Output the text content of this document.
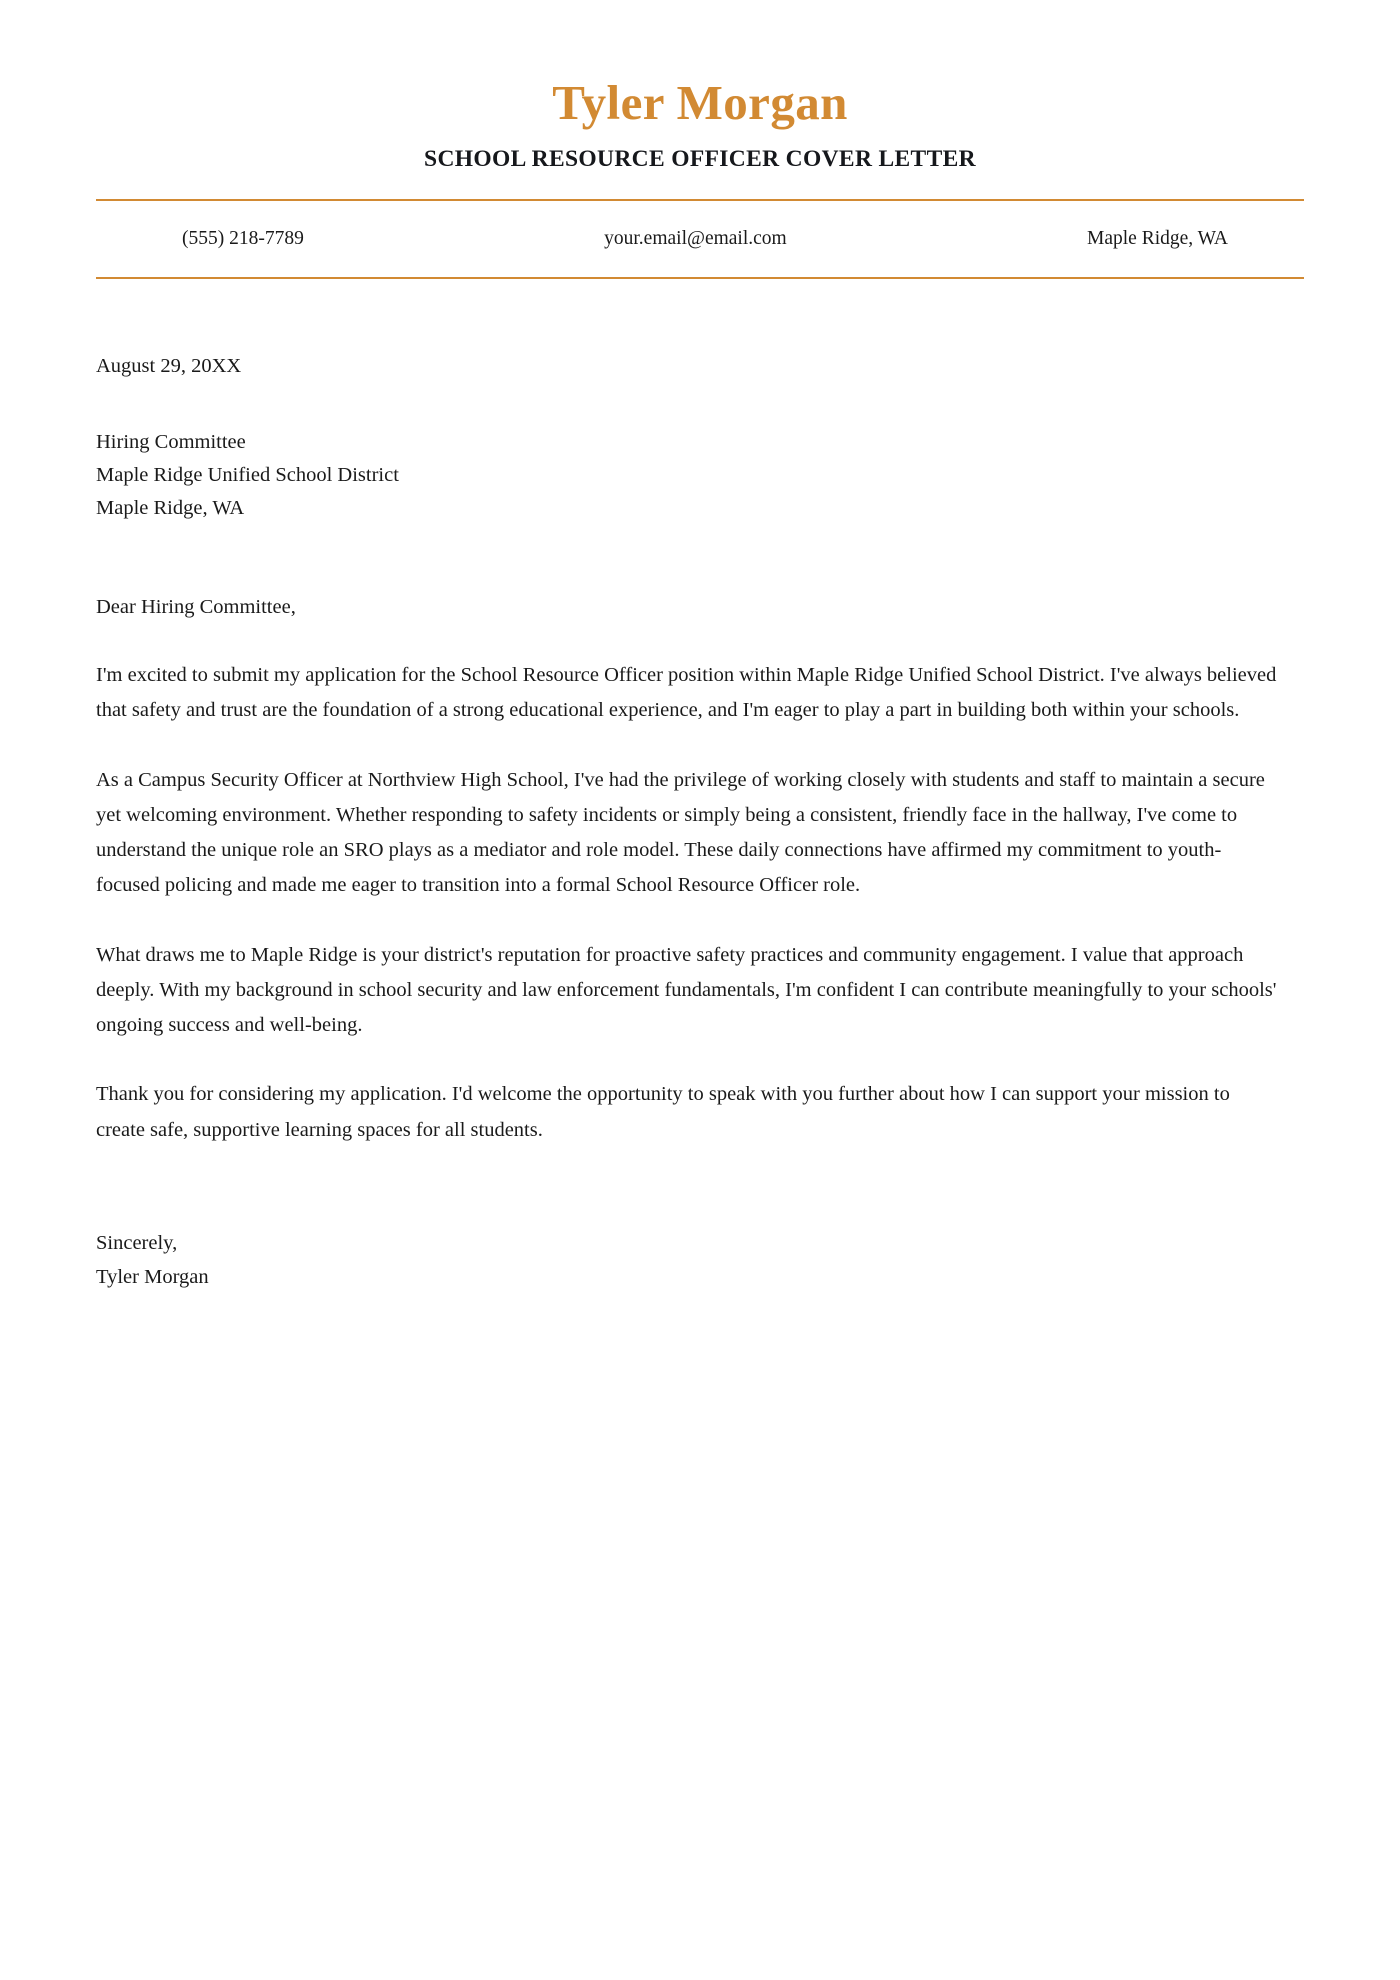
Tyler Morgan
SCHOOL RESOURCE OFFICER COVER LETTER
(555) 218-7789	your.email@email.com	Maple Ridge, WA

August 29, 20XX

Hiring Committee

Maple Ridge Unified School District

Maple Ridge, WA

Dear Hiring Committee,

I'm excited to submit my application for the School Resource Officer position within Maple Ridge Unified School District. I've always believed that safety and trust are the foundation of a strong educational experience, and I'm eager to play a part in building both within your schools.

As a Campus Security Officer at Northview High School, I've had the privilege of working closely with students and staff to maintain a secure yet welcoming environment. Whether responding to safety incidents or simply being a consistent, friendly face in the hallway, I've come to understand the unique role an SRO plays as a mediator and role model. These daily connections have affirmed my commitment to youth-focused policing and made me eager to transition into a formal School Resource Officer role.

What draws me to Maple Ridge is your district's reputation for proactive safety practices and community engagement. I value that approach deeply. With my background in school security and law enforcement fundamentals, I'm confident I can contribute meaningfully to your schools' ongoing success and well-being.

Thank you for considering my application. I'd welcome the opportunity to speak with you further about how I can support your mission to create safe, supportive learning spaces for all students.

Sincerely,

Tyler Morgan
